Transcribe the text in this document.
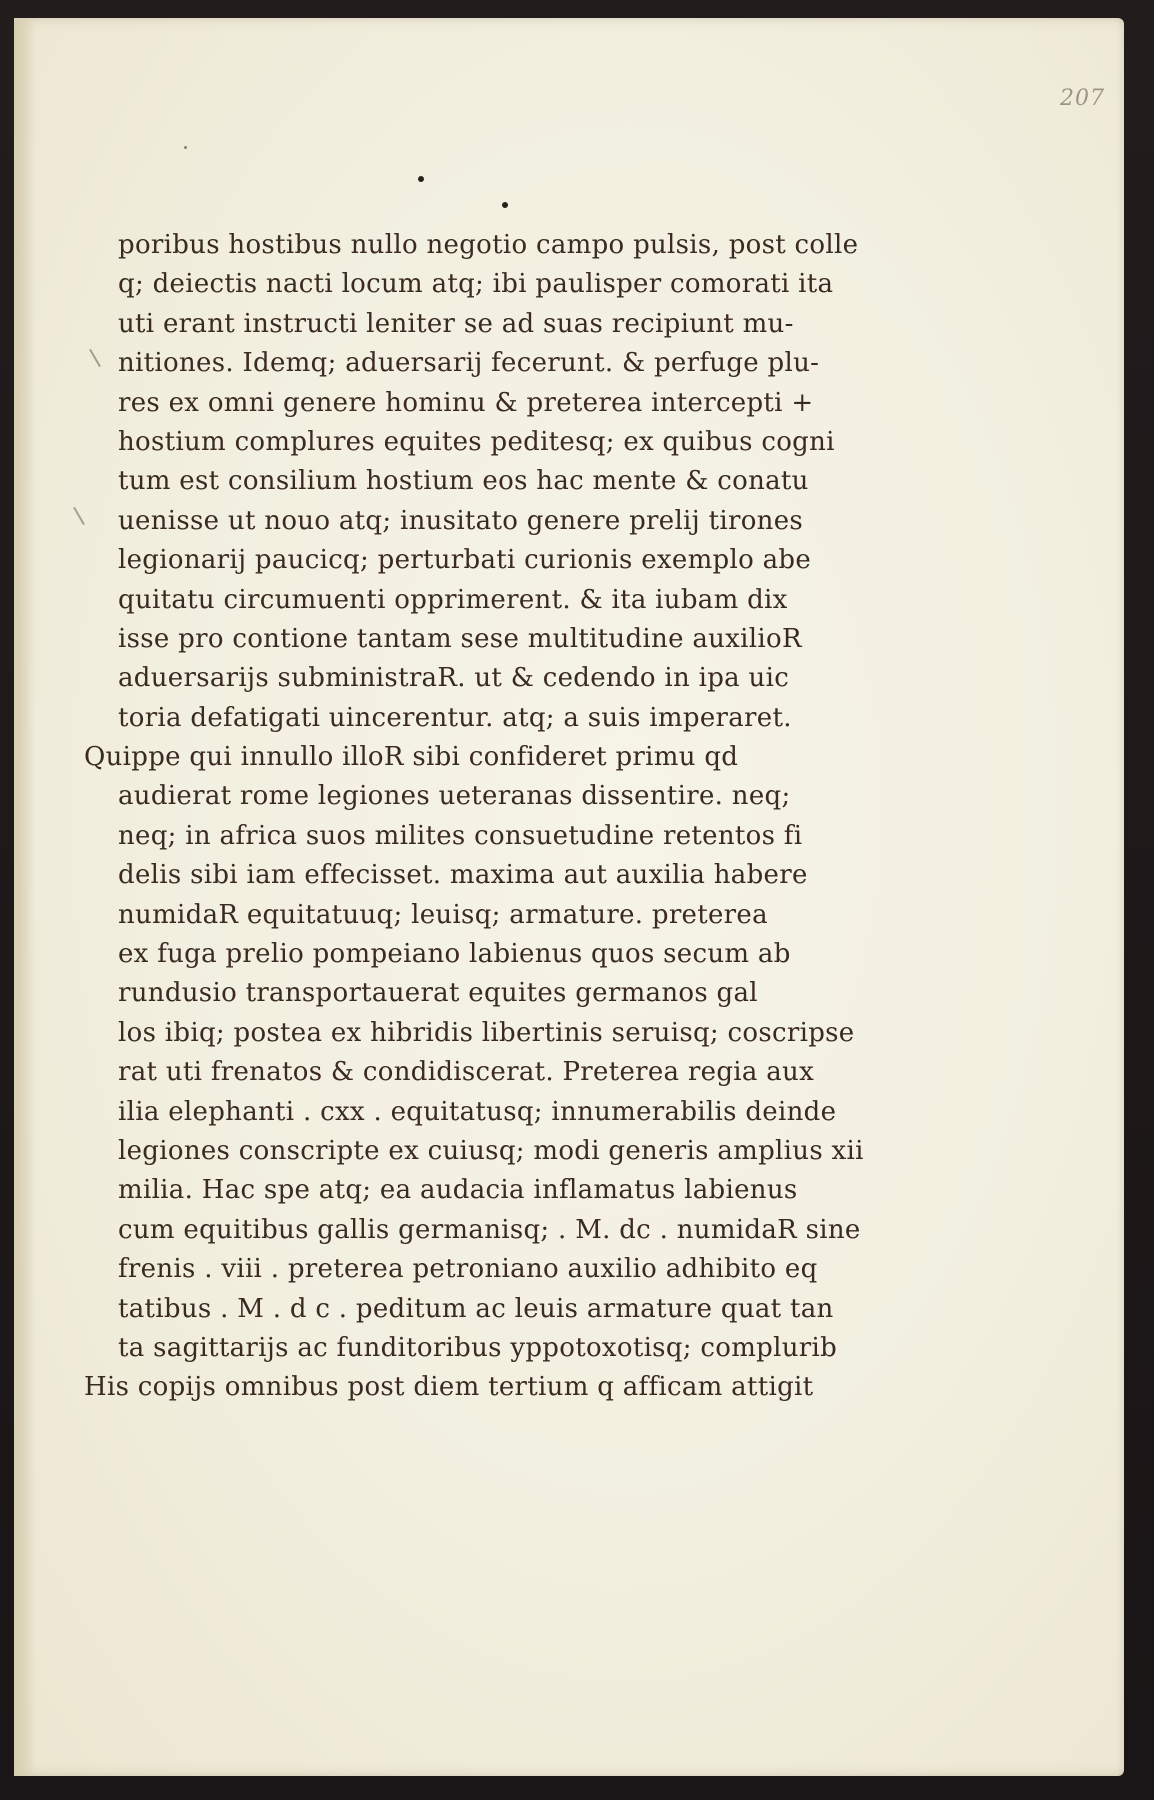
207
poribus hostibus nullo negotio campo pulsis, post colle
q; deiectis nacti locum atq; ibi paulisper comorati ita
uti erant instructi leniter se ad suas recipiunt mu-
nitiones. Idemq; aduersarij fecerunt. & perfuge plu-
res ex omni genere hominu & preterea intercepti +
hostium complures equites peditesq; ex quibus cogni
tum est consilium hostium eos hac mente & conatu
uenisse ut nouo atq; inusitato genere prelij tirones
legionarij paucicq; perturbati curionis exemplo abe
quitatu circumuenti opprimerent. & ita iubam dix
isse pro contione tantam sese multitudine auxilioR
aduersarijs subministraR. ut & cedendo in ipa uic
toria defatigati uincerentur. atq; a suis imperaret.
Quippe qui innullo illoR sibi confideret primu qd
audierat rome legiones ueteranas dissentire. neq;
neq; in africa suos milites consuetudine retentos fi
delis sibi iam effecisset. maxima aut auxilia habere
numidaR equitatuuq; leuisq; armature. preterea
ex fuga prelio pompeiano labienus quos secum ab
rundusio transportauerat equites germanos gal
los ibiq; postea ex hibridis libertinis seruisq; coscripse
rat uti frenatos & condidiscerat. Preterea regia aux
ilia elephanti . cxx . equitatusq; innumerabilis deinde
legiones conscripte ex cuiusq; modi generis amplius xii
milia. Hac spe atq; ea audacia inflamatus labienus
cum equitibus gallis germanisq; . M. dc . numidaR sine
frenis . viii . preterea petroniano auxilio adhibito eq
tatibus . M . d c . peditum ac leuis armature quat tan
ta sagittarijs ac funditoribus yppotoxotisq; complurib
His copijs omnibus post diem tertium q afficam attigit
